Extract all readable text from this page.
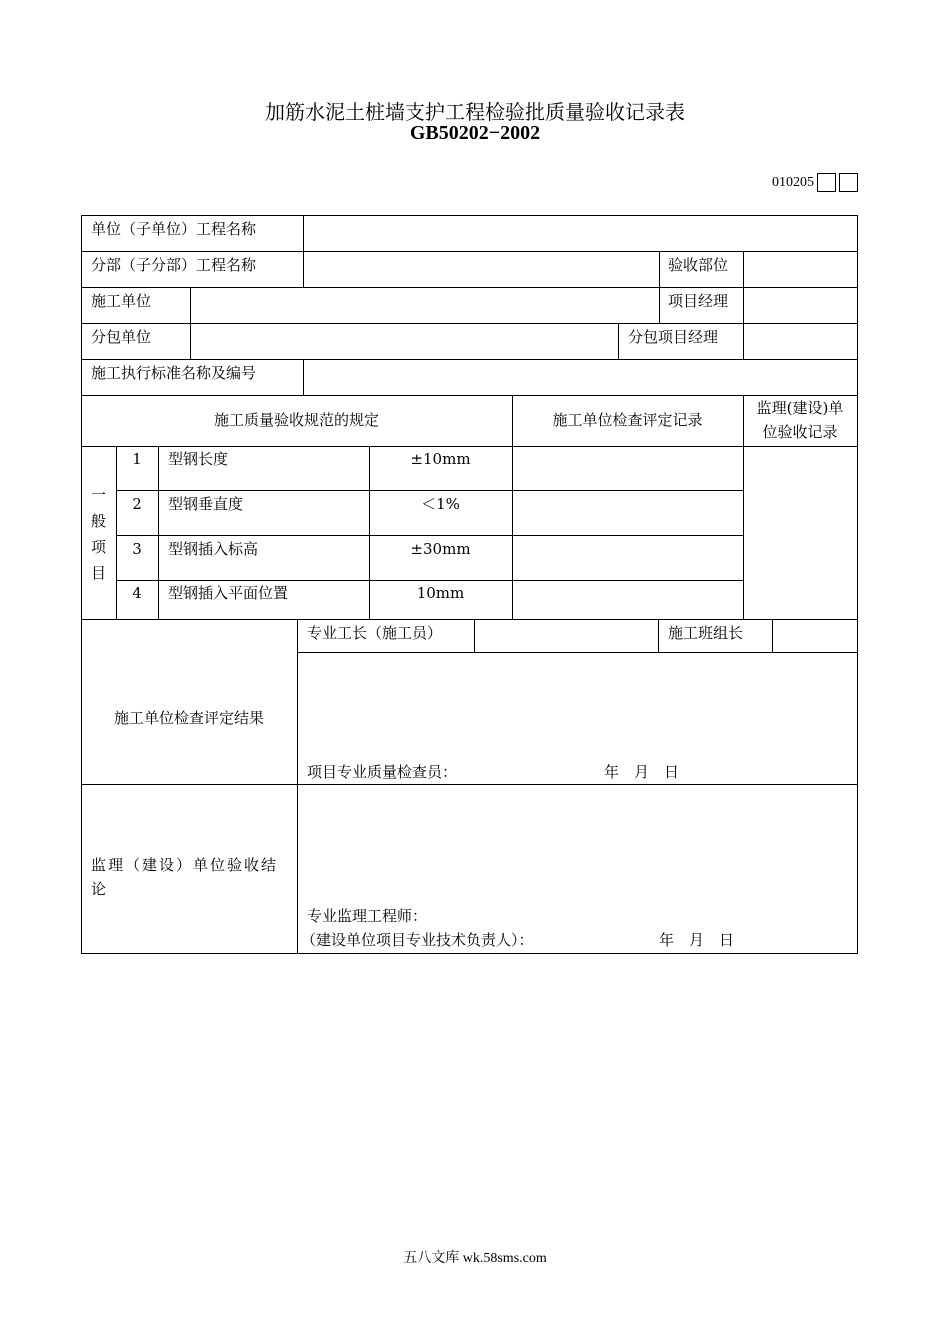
加筋水泥土桩墙支护工程检验批质量验收记录表
GB50202−2002
010205
单位（子单位）工程名称
分部（子分部）工程名称	验收部位
施工单位	项目经理
分包单位	分包项目经理
施工执行标准名称及编号
施工质量验收规范的规定	施工单位检查评定记录
监理(建设)单
位验收记录
一
般
项
目
1	型钢长度	±10mm
2	型钢垂直度	＜1%
3	型钢插入标高	±30mm
4	型钢插入平面位置	10mm
施工单位检查评定结果
专业工长（施工员）	施工班组长
项目专业质量检查员：	年　月　日
监理（建设）单位验收结论
专业监理工程师：
（建设单位项目专业技术负责人）：	年　月　日
五八文库 wk.58sms.com
